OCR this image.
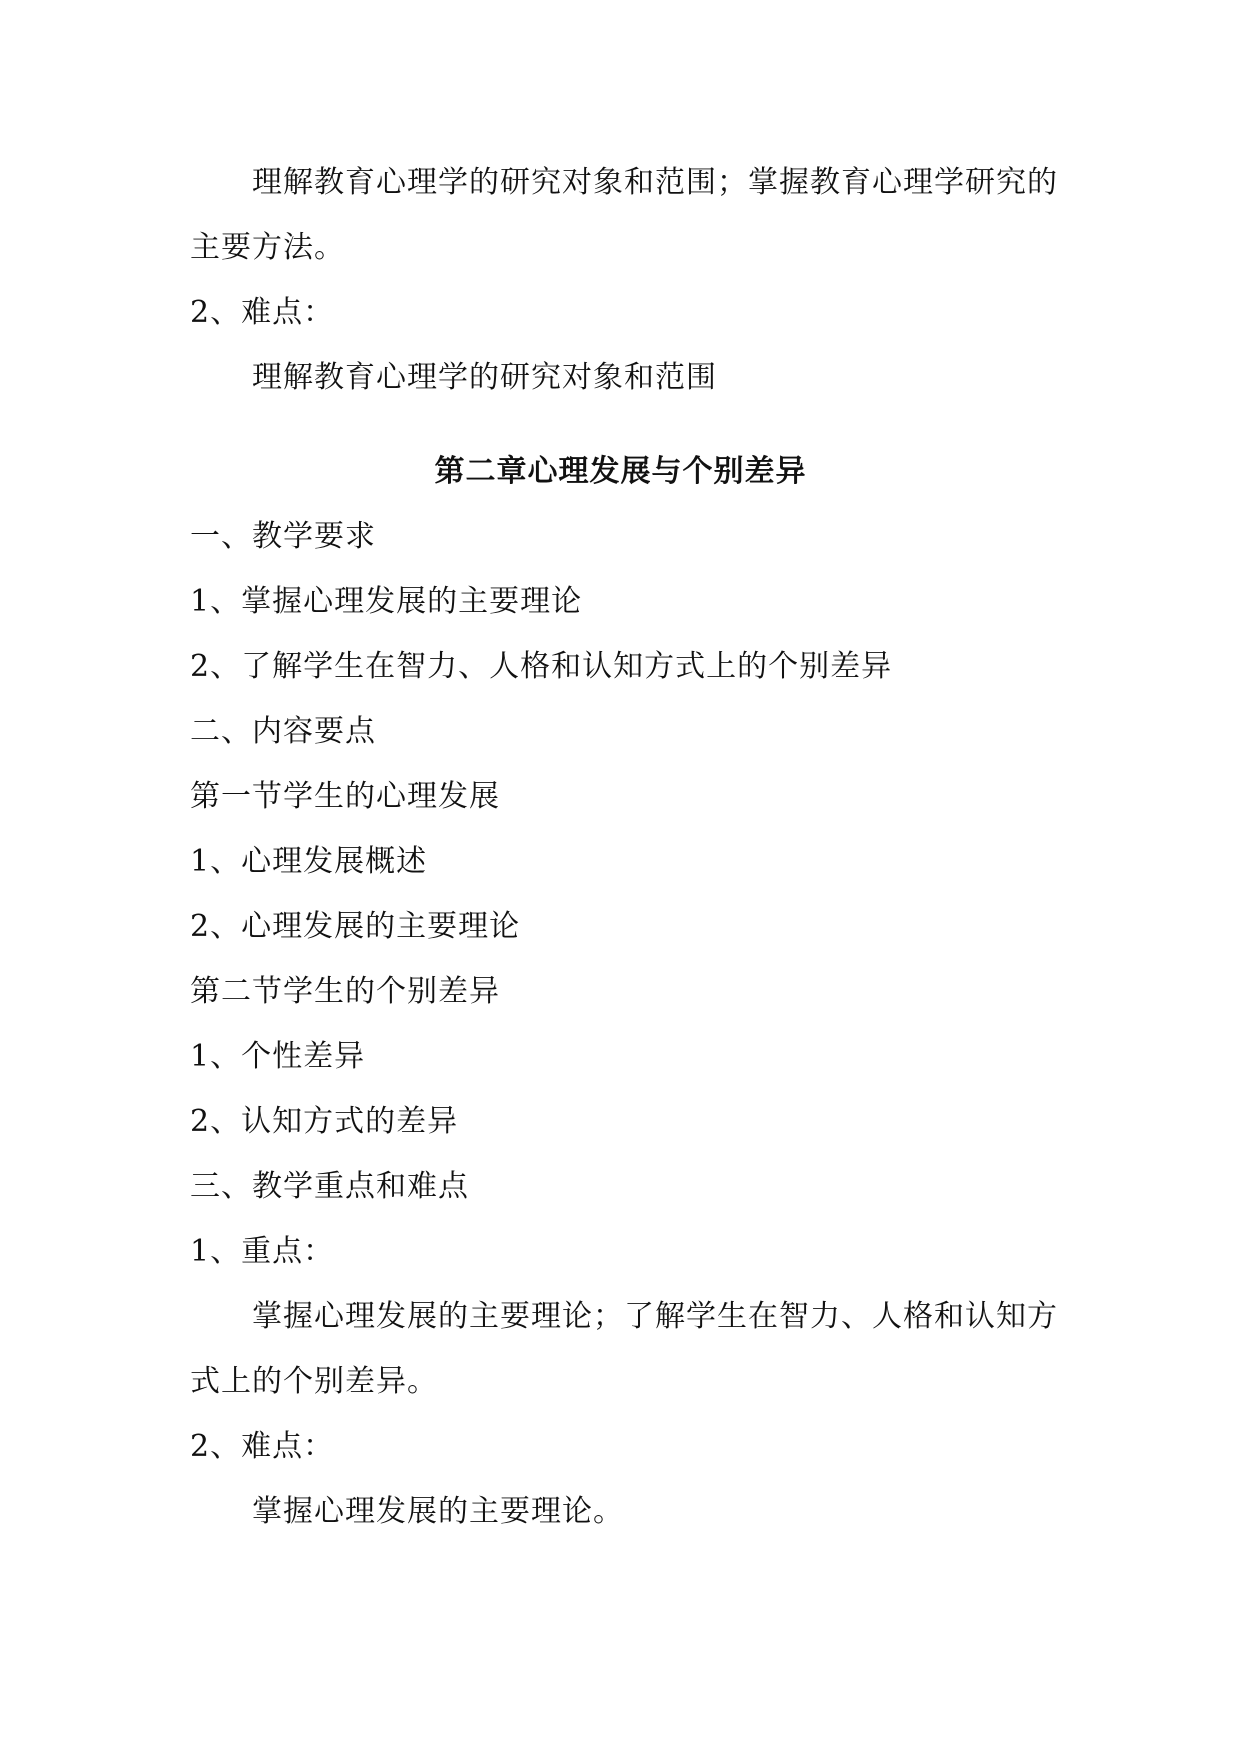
理解教育心理学的研究对象和范围；掌握教育心理学研究的
主要方法。
2、难点：
理解教育心理学的研究对象和范围
第二章心理发展与个别差异
一、教学要求
1、掌握心理发展的主要理论
2、了解学生在智力、人格和认知方式上的个别差异
二、内容要点
第一节学生的心理发展
1、心理发展概述
2、心理发展的主要理论
第二节学生的个别差异
1、个性差异
2、认知方式的差异
三、教学重点和难点
1、重点：
掌握心理发展的主要理论；了解学生在智力、人格和认知方
式上的个别差异。
2、难点：
掌握心理发展的主要理论。
